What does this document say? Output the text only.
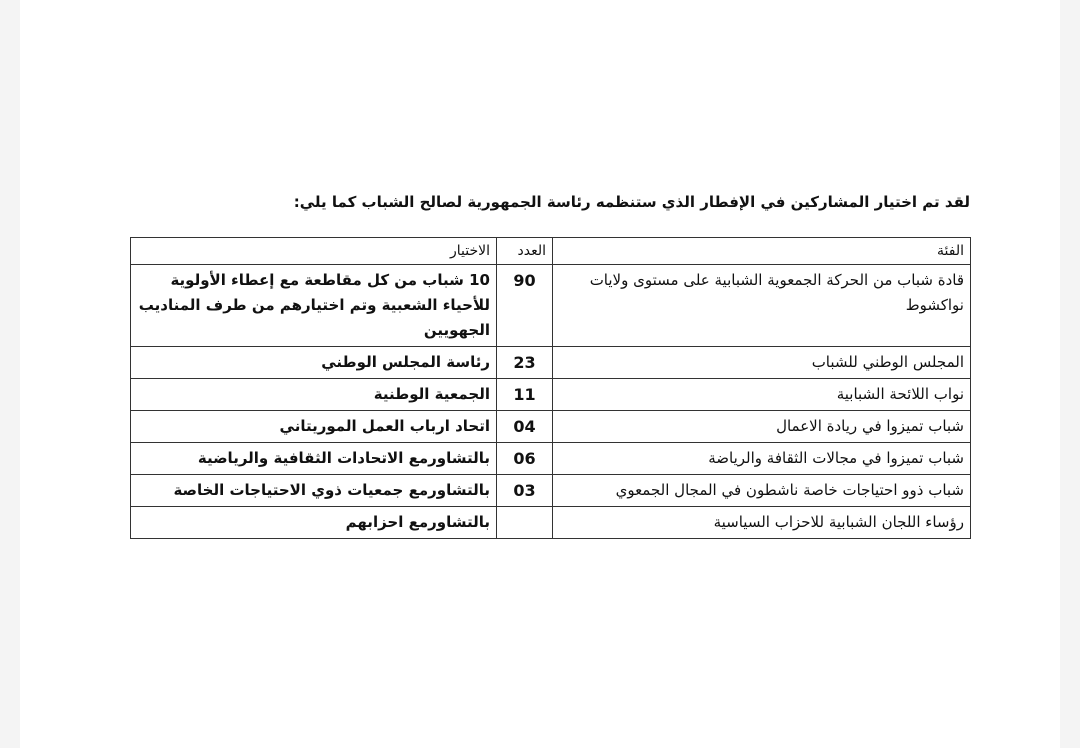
لقد تم اختيار المشاركين في الإفطار الذي ستنظمه رئاسة الجمهورية لصالح الشباب كما يلي:
الفئة	العدد	الاختيار
قادة شباب من الحركة الجمعوية الشبابية على مستوى ولايات نواكشوط	90	10 شباب من كل مقاطعة مع إعطاء الأولوية للأحياء الشعبية وتم اختيارهم من طرف المناديب الجهويين
المجلس الوطني للشباب	23	رئاسة المجلس الوطني
نواب اللائحة الشبابية	11	الجمعية الوطنية
شباب تميزوا في ريادة الاعمال	04	اتحاد ارباب العمل الموريتاني
شباب تميزوا في مجالات الثقافة والرياضة	06	بالتشاورمع الاتحادات الثقافية والرياضية
شباب ذوو احتياجات خاصة ناشطون في المجال الجمعوي	03	بالتشاورمع جمعيات ذوي الاحتياجات الخاصة
رؤساء اللجان الشبابية للاحزاب السياسية		بالتشاورمع احزابهم
